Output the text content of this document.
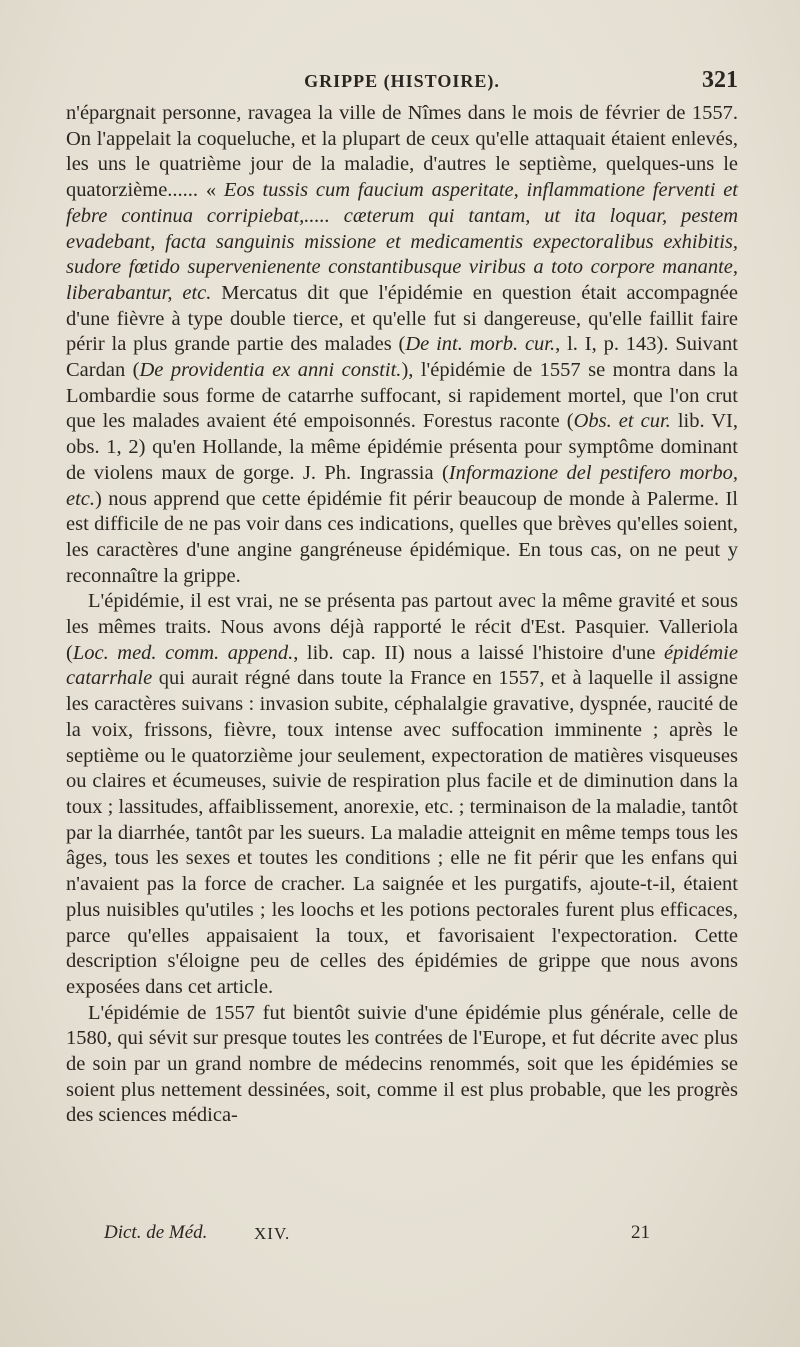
GRIPPE (HISTOIRE).	321

n'épargnait personne, ravagea la ville de Nîmes dans le mois de février de 1557. On l'appelait la coqueluche, et la plupart de ceux qu'elle attaquait étaient enlevés, les uns le quatrième jour de la maladie, d'autres le septième, quelques-uns le quatorzième...... « Eos tussis cum faucium asperitate, inflammatione ferventi et febre continua corripiebat,..... cæterum qui tantam, ut ita loquar, pestem evadebant, facta sanguinis missione et medicamentis expectoralibus exhibitis, sudore fœtido supervenienente constantibusque viribus a toto corpore manante, liberabantur, etc. Mercatus dit que l'épidémie en question était accompagnée d'une fièvre à type double tierce, et qu'elle fut si dangereuse, qu'elle faillit faire périr la plus grande partie des malades (De int. morb. cur., l. I, p. 143). Suivant Cardan (De providentia ex anni constit.), l'épidémie de 1557 se montra dans la Lombardie sous forme de catarrhe suffocant, si rapidement mortel, que l'on crut que les malades avaient été empoisonnés. Forestus raconte (Obs. et cur. lib. VI, obs. 1, 2) qu'en Hollande, la même épidémie présenta pour symptôme dominant de violens maux de gorge. J. Ph. Ingrassia (Informazione del pestifero morbo, etc.) nous apprend que cette épidémie fit périr beaucoup de monde à Palerme. Il est difficile de ne pas voir dans ces indications, quelles que brèves qu'elles soient, les caractères d'une angine gangréneuse épidémique. En tous cas, on ne peut y reconnaître la grippe.

L'épidémie, il est vrai, ne se présenta pas partout avec la même gravité et sous les mêmes traits. Nous avons déjà rapporté le récit d'Est. Pasquier. Valleriola (Loc. med. comm. append., lib. cap. II) nous a laissé l'histoire d'une épidémie catarrhale qui aurait régné dans toute la France en 1557, et à laquelle il assigne les caractères suivans : invasion subite, céphalalgie gravative, dyspnée, raucité de la voix, frissons, fièvre, toux intense avec suffocation imminente ; après le septième ou le quatorzième jour seulement, expectoration de matières visqueuses ou claires et écumeuses, suivie de respiration plus facile et de diminution dans la toux ; lassitudes, affaiblissement, anorexie, etc. ; terminaison de la maladie, tantôt par la diarrhée, tantôt par les sueurs. La maladie atteignit en même temps tous les âges, tous les sexes et toutes les conditions ; elle ne fit périr que les enfans qui n'avaient pas la force de cracher. La saignée et les purgatifs, ajoute-t-il, étaient plus nuisibles qu'utiles ; les loochs et les potions pectorales furent plus efficaces, parce qu'elles appaisaient la toux, et favorisaient l'expectoration. Cette description s'éloigne peu de celles des épidémies de grippe que nous avons exposées dans cet article.

L'épidémie de 1557 fut bientôt suivie d'une épidémie plus générale, celle de 1580, qui sévit sur presque toutes les contrées de l'Europe, et fut décrite avec plus de soin par un grand nombre de médecins renommés, soit que les épidémies se soient plus nettement dessinées, soit, comme il est plus probable, que les progrès des sciences médica-

Dict. de Méd.	XIV.	21
